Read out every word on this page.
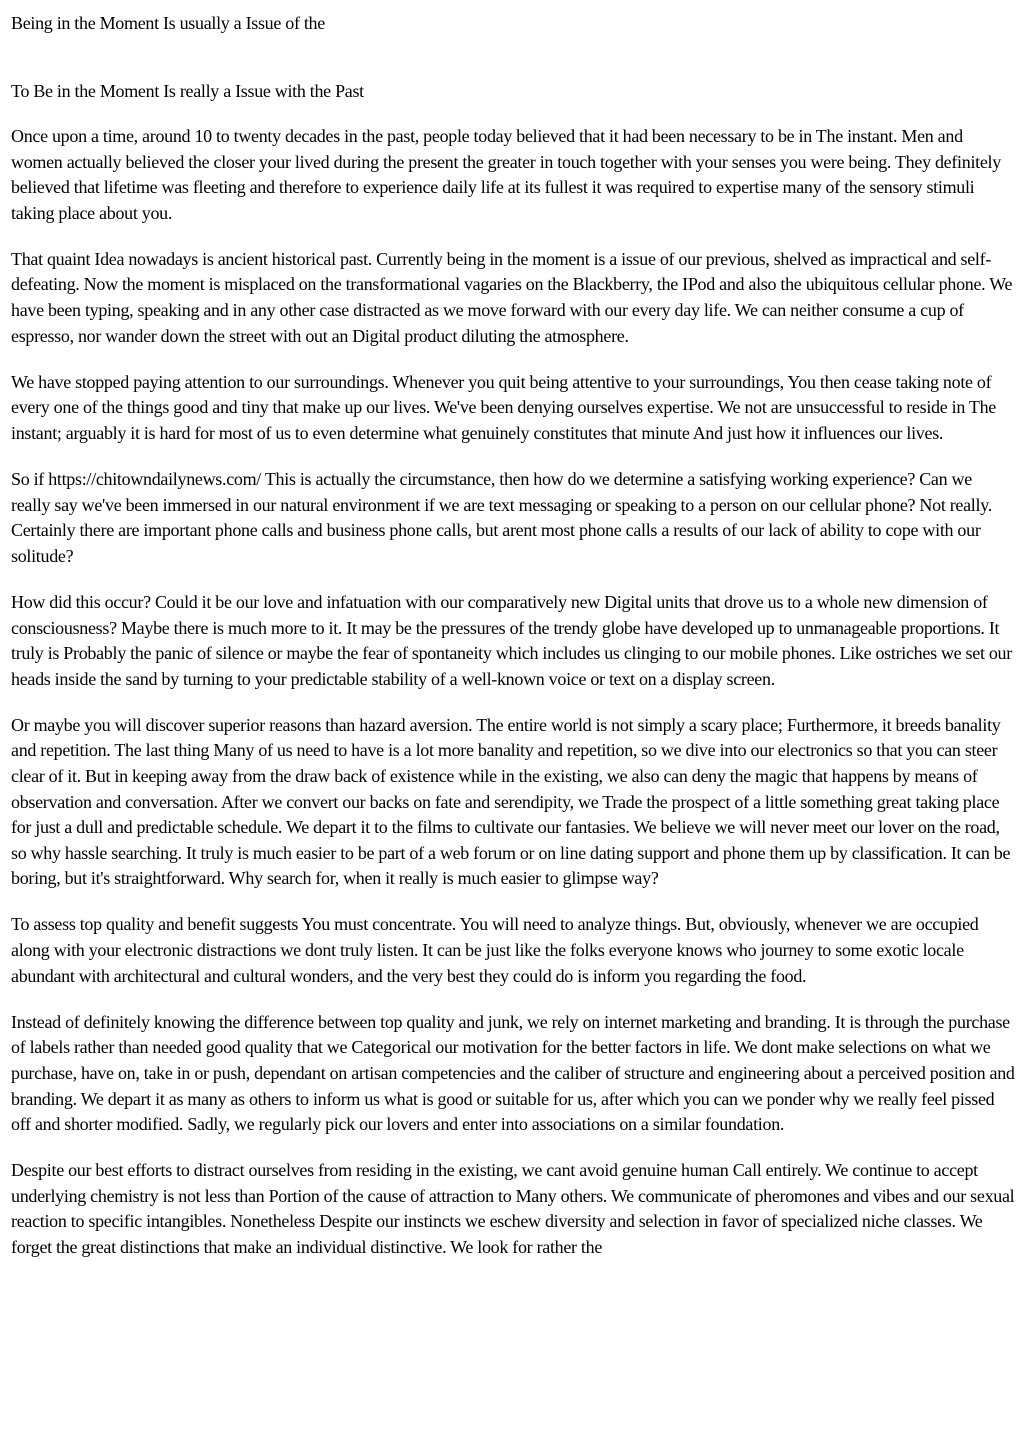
Being in the Moment Is usually a Issue of the

To Be in the Moment Is really a Issue with the Past

Once upon a time, around 10 to twenty decades in the past, people today believed that it had been necessary to be in The instant. Men and women actually believed the closer your lived during the present the greater in touch together with your senses you were being. They definitely believed that lifetime was fleeting and therefore to experience daily life at its fullest it was required to expertise many of the sensory stimuli taking place about you.

That quaint Idea nowadays is ancient historical past. Currently being in the moment is a issue of our previous, shelved as impractical and self-defeating. Now the moment is misplaced on the transformational vagaries on the Blackberry, the IPod and also the ubiquitous cellular phone. We have been typing, speaking and in any other case distracted as we move forward with our every day life. We can neither consume a cup of espresso, nor wander down the street with out an Digital product diluting the atmosphere.

We have stopped paying attention to our surroundings. Whenever you quit being attentive to your surroundings, You then cease taking note of every one of the things good and tiny that make up our lives. We've been denying ourselves expertise. We not are unsuccessful to reside in The instant; arguably it is hard for most of us to even determine what genuinely constitutes that minute And just how it influences our lives.

So if https://chitowndailynews.com/ This is actually the circumstance, then how do we determine a satisfying working experience? Can we really say we've been immersed in our natural environment if we are text messaging or speaking to a person on our cellular phone? Not really. Certainly there are important phone calls and business phone calls, but arent most phone calls a results of our lack of ability to cope with our solitude?

How did this occur? Could it be our love and infatuation with our comparatively new Digital units that drove us to a whole new dimension of consciousness? Maybe there is much more to it. It may be the pressures of the trendy globe have developed up to unmanageable proportions. It truly is Probably the panic of silence or maybe the fear of spontaneity which includes us clinging to our mobile phones. Like ostriches we set our heads inside the sand by turning to your predictable stability of a well-known voice or text on a display screen.

Or maybe you will discover superior reasons than hazard aversion. The entire world is not simply a scary place; Furthermore, it breeds banality and repetition. The last thing Many of us need to have is a lot more banality and repetition, so we dive into our electronics so that you can steer clear of it. But in keeping away from the draw back of existence while in the existing, we also can deny the magic that happens by means of observation and conversation. After we convert our backs on fate and serendipity, we Trade the prospect of a little something great taking place for just a dull and predictable schedule. We depart it to the films to cultivate our fantasies. We believe we will never meet our lover on the road, so why hassle searching. It truly is much easier to be part of a web forum or on line dating support and phone them up by classification. It can be boring, but it's straightforward. Why search for, when it really is much easier to glimpse way?

To assess top quality and benefit suggests You must concentrate. You will need to analyze things. But, obviously, whenever we are occupied along with your electronic distractions we dont truly listen. It can be just like the folks everyone knows who journey to some exotic locale abundant with architectural and cultural wonders, and the very best they could do is inform you regarding the food.

Instead of definitely knowing the difference between top quality and junk, we rely on internet marketing and branding. It is through the purchase of labels rather than needed good quality that we Categorical our motivation for the better factors in life. We dont make selections on what we purchase, have on, take in or push, dependant on artisan competencies and the caliber of structure and engineering about a perceived position and branding. We depart it as many as others to inform us what is good or suitable for us, after which you can we ponder why we really feel pissed off and shorter modified. Sadly, we regularly pick our lovers and enter into associations on a similar foundation.

Despite our best efforts to distract ourselves from residing in the existing, we cant avoid genuine human Call entirely. We continue to accept underlying chemistry is not less than Portion of the cause of attraction to Many others. We communicate of pheromones and vibes and our sexual reaction to specific intangibles. Nonetheless Despite our instincts we eschew diversity and selection in favor of specialized niche classes. We forget the great distinctions that make an individual distinctive. We look for rather the
